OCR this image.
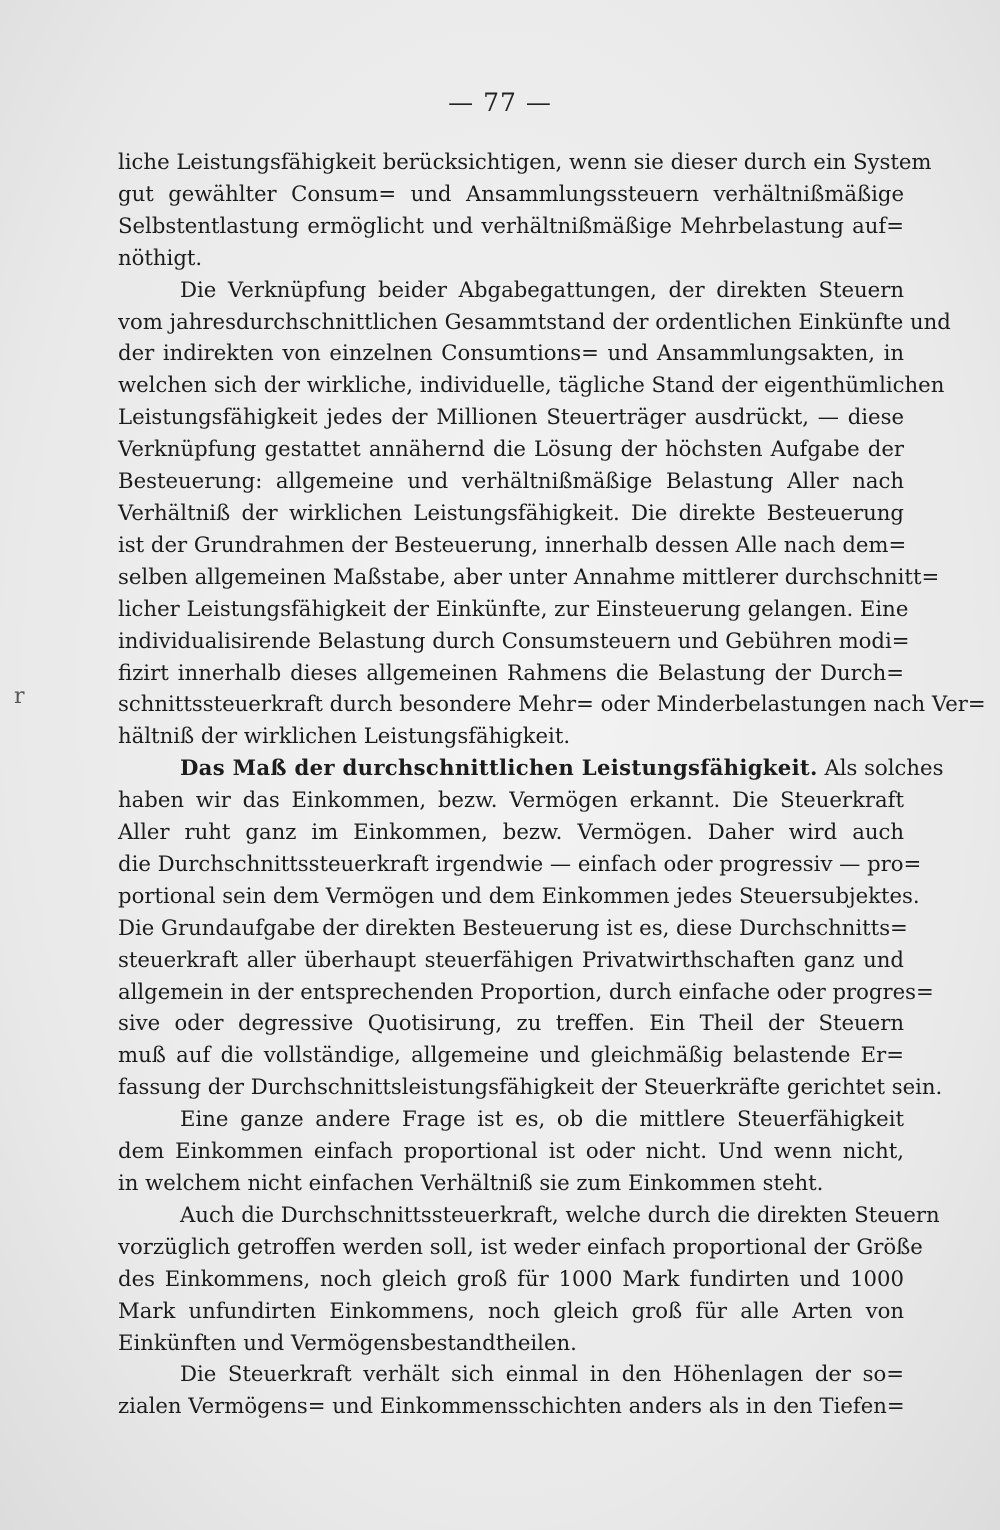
— 77 —
r

liche Leistungsfähigkeit berücksichtigen, wenn sie dieser durch ein System
gut gewählter Consum= und Ansammlungssteuern verhältnißmäßige
Selbstentlastung ermöglicht und verhältnißmäßige Mehrbelastung auf=
nöthigt.

Die Verknüpfung beider Abgabegattungen, der direkten Steuern
vom jahresdurchschnittlichen Gesammtstand der ordentlichen Einkünfte und
der indirekten von einzelnen Consumtions= und Ansammlungsakten, in
welchen sich der wirkliche, individuelle, tägliche Stand der eigenthümlichen
Leistungsfähigkeit jedes der Millionen Steuerträger ausdrückt, — diese
Verknüpfung gestattet annähernd die Lösung der höchsten Aufgabe der
Besteuerung: allgemeine und verhältnißmäßige Belastung Aller nach
Verhältniß der wirklichen Leistungsfähigkeit. Die direkte Besteuerung
ist der Grundrahmen der Besteuerung, innerhalb dessen Alle nach dem=
selben allgemeinen Maßstabe, aber unter Annahme mittlerer durchschnitt=
licher Leistungsfähigkeit der Einkünfte, zur Einsteuerung gelangen. Eine
individualisirende Belastung durch Consumsteuern und Gebühren modi=
fizirt innerhalb dieses allgemeinen Rahmens die Belastung der Durch=
schnittssteuerkraft durch besondere Mehr= oder Minderbelastungen nach Ver=
hältniß der wirklichen Leistungsfähigkeit.

Das Maß der durchschnittlichen Leistungsfähigkeit. Als solches
haben wir das Einkommen, bezw. Vermögen erkannt. Die Steuerkraft
Aller ruht ganz im Einkommen, bezw. Vermögen. Daher wird auch
die Durchschnittssteuerkraft irgendwie — einfach oder progressiv — pro=
portional sein dem Vermögen und dem Einkommen jedes Steuersubjektes.
Die Grundaufgabe der direkten Besteuerung ist es, diese Durchschnitts=
steuerkraft aller überhaupt steuerfähigen Privatwirthschaften ganz und
allgemein in der entsprechenden Proportion, durch einfache oder progres=
sive oder degressive Quotisirung, zu treffen. Ein Theil der Steuern
muß auf die vollständige, allgemeine und gleichmäßig belastende Er=
fassung der Durchschnittsleistungsfähigkeit der Steuerkräfte gerichtet sein.

Eine ganze andere Frage ist es, ob die mittlere Steuerfähigkeit
dem Einkommen einfach proportional ist oder nicht. Und wenn nicht,
in welchem nicht einfachen Verhältniß sie zum Einkommen steht.

Auch die Durchschnittssteuerkraft, welche durch die direkten Steuern
vorzüglich getroffen werden soll, ist weder einfach proportional der Größe
des Einkommens, noch gleich groß für 1000 Mark fundirten und 1000
Mark unfundirten Einkommens, noch gleich groß für alle Arten von
Einkünften und Vermögensbestandtheilen.

Die Steuerkraft verhält sich einmal in den Höhenlagen der so=
zialen Vermögens= und Einkommensschichten anders als in den Tiefen=
